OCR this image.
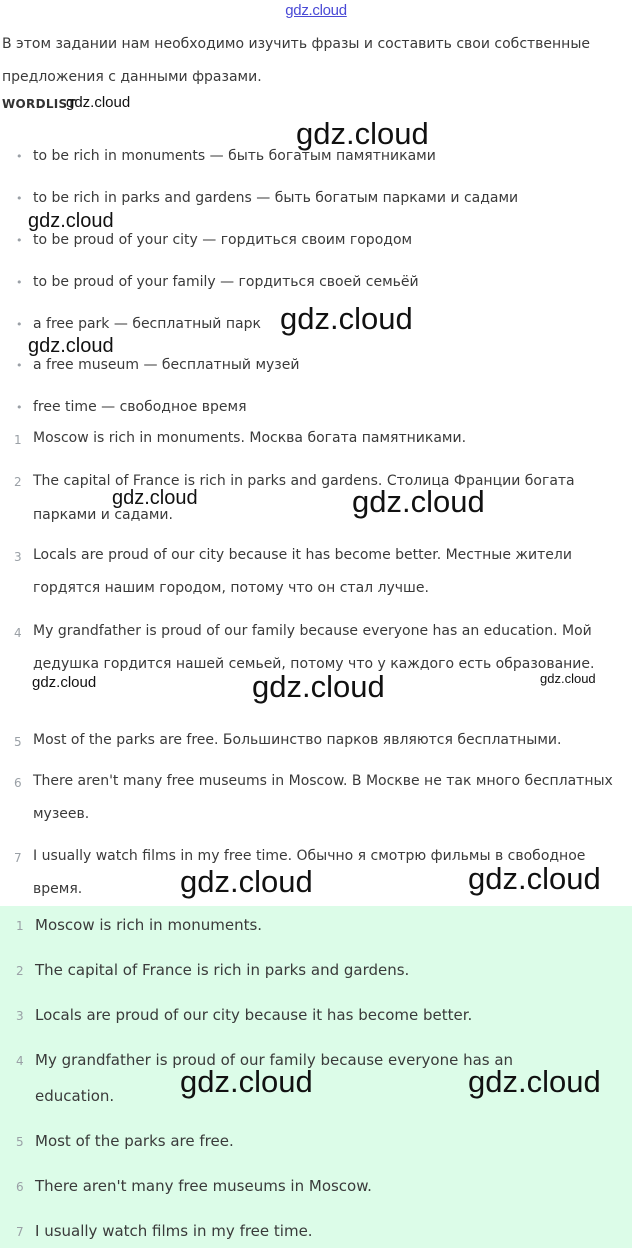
gdz.cloud
В этом задании нам необходимо изучить фразы и составить свои собственные предложения с данными фразами.
WORDLIST
• to be rich in monuments — быть богатым памятниками
• to be rich in parks and gardens — быть богатым парками и садами
• to be proud of your city — гордиться своим городом
• to be proud of your family — гордиться своей семьёй
• a free park — бесплатный парк
• a free museum — бесплатный музей
• free time — свободное время
1 Moscow is rich in monuments. Москва богата памятниками.
2 The capital of France is rich in parks and gardens. Столица Франции богата парками и садами.
3 Locals are proud of our city because it has become better. Местные жители гордятся нашим городом, потому что он стал лучше.
4 My grandfather is proud of our family because everyone has an education. Мой дедушка гордится нашей семьей, потому что у каждого есть образование.
5 Most of the parks are free. Большинство парков являются бесплатными.
6 There aren't many free museums in Moscow. В Москве не так много бесплатных музеев.
7 I usually watch films in my free time. Обычно я смотрю фильмы в свободное время.
1 Moscow is rich in monuments.
2 The capital of France is rich in parks and gardens.
3 Locals are proud of our city because it has become better.
4 My grandfather is proud of our family because everyone has an education.
5 Most of the parks are free.
6 There aren't many free museums in Moscow.
7 I usually watch films in my free time.
gdz.cloud
gdz.cloud
gdz.cloud
gdz.cloud
gdz.cloud
gdz.cloud	gdz.cloud
gdz.cloud	gdz.cloud	gdz.cloud
gdz.cloud	gdz.cloud
gdz.cloud	gdz.cloud
